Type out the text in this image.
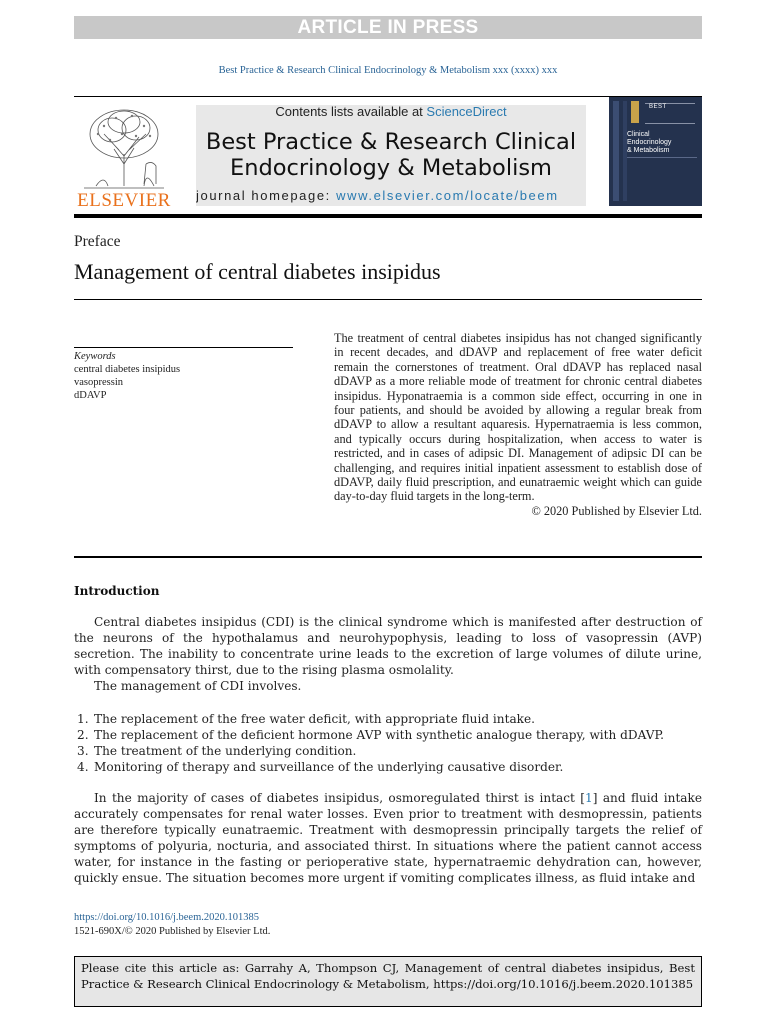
ARTICLE IN PRESS
Best Practice & Research Clinical Endocrinology & Metabolism xxx (xxxx) xxx
ELSEVIER
Contents lists available at ScienceDirect
Best Practice & Research Clinical
Endocrinology & Metabolism
journal homepage: www.elsevier.com/locate/beem
BEST
Clinical
Endocrinology
& Metabolism
Preface
Management of central diabetes insipidus
Keywords
central diabetes insipidus
vasopressin
dDAVP
The treatment of central diabetes insipidus has not changed significantly in recent decades, and dDAVP and replacement of free water deficit remain the cornerstones of treatment. Oral dDAVP has replaced nasal dDAVP as a more reliable mode of treatment for chronic central diabetes insipidus. Hyponatraemia is a common side effect, occurring in one in four patients, and should be avoided by allowing a regular break from dDAVP to allow a resultant aquaresis. Hypernatraemia is less common, and typically occurs during hospitalization, when access to water is restricted, and in cases of adipsic DI. Management of adipsic DI can be challenging, and requires initial inpatient assessment to establish dose of dDAVP, daily fluid prescription, and eunatraemic weight which can guide day-to-day fluid targets in the long-term.
© 2020 Published by Elsevier Ltd.
Introduction

Central diabetes insipidus (CDI) is the clinical syndrome which is manifested after destruction of the neurons of the hypothalamus and neurohypophysis, leading to loss of vasopressin (AVP) secretion. The inability to concentrate urine leads to the excretion of large volumes of dilute urine, with compensatory thirst, due to the rising plasma osmolality.

The management of CDI involves.

1. The replacement of the free water deficit, with appropriate fluid intake.
2. The replacement of the deficient hormone AVP with synthetic analogue therapy, with dDAVP.
3. The treatment of the underlying condition.
4. Monitoring of therapy and surveillance of the underlying causative disorder.

In the majority of cases of diabetes insipidus, osmoregulated thirst is intact [1] and fluid intake accurately compensates for renal water losses. Even prior to treatment with desmopressin, patients are therefore typically eunatraemic. Treatment with desmopressin principally targets the relief of symptoms of polyuria, nocturia, and associated thirst. In situations where the patient cannot access water, for instance in the fasting or perioperative state, hypernatraemic dehydration can, however, quickly ensue. The situation becomes more urgent if vomiting complicates illness, as fluid intake and

https://doi.org/10.1016/j.beem.2020.101385
1521-690X/© 2020 Published by Elsevier Ltd.
Please cite this article as: Garrahy A, Thompson CJ, Management of central diabetes insipidus, Best Practice & Research Clinical Endocrinology & Metabolism, https://doi.org/10.1016/j.beem.2020.101385
